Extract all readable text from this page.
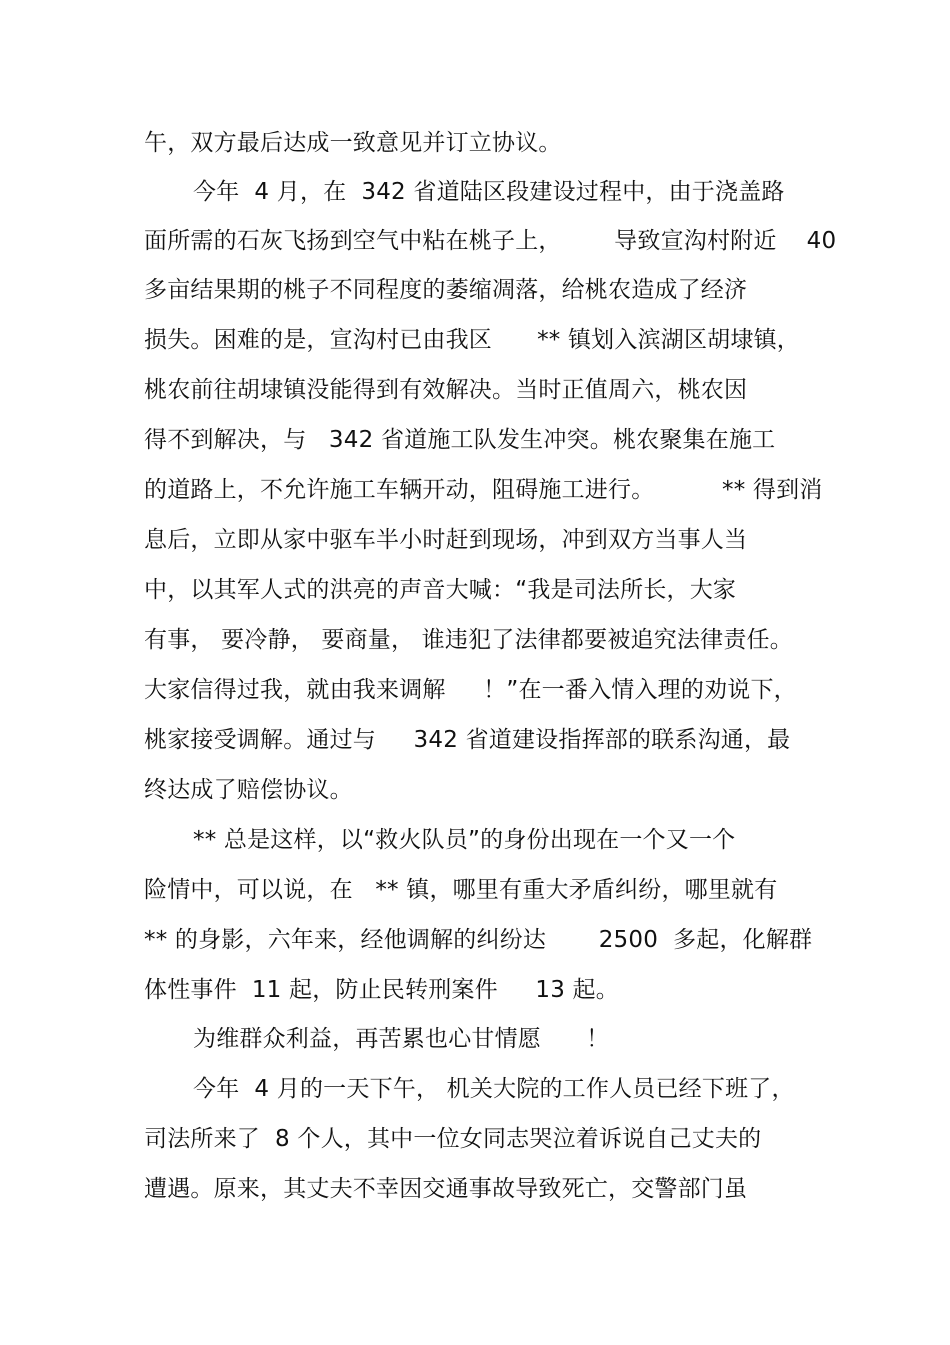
午，双方最后达成一致意见并订立协议。
今年  4 月，在  342 省道陆区段建设过程中，由于浇盖路
面所需的石灰飞扬到空气中粘在桃子上，       导致宣沟村附近    40
多亩结果期的桃子不同程度的萎缩凋落，给桃农造成了经济
损失。困难的是，宣沟村已由我区      ** 镇划入滨湖区胡埭镇，
桃农前往胡埭镇没能得到有效解决。当时正值周六，桃农因
得不到解决，与   342 省道施工队发生冲突。桃农聚集在施工
的道路上，不允许施工车辆开动，阻碍施工进行。         ** 得到消
息后，立即从家中驱车半小时赶到现场，冲到双方当事人当
中，以其军人式的洪亮的声音大喊：“我是司法所长，大家
有事， 要冷静， 要商量， 谁违犯了法律都要被追究法律责任。
大家信得过我，就由我来调解     ！”在一番入情入理的劝说下，
桃家接受调解。通过与     342 省道建设指挥部的联系沟通，最
终达成了赔偿协议。
** 总是这样，以“救火队员”的身份出现在一个又一个
险情中，可以说，在   ** 镇，哪里有重大矛盾纠纷，哪里就有
** 的身影，六年来，经他调解的纠纷达       2500  多起，化解群
体性事件  11 起，防止民转刑案件     13 起。
为维群众利益，再苦累也心甘情愿      ！
今年  4 月的一天下午， 机关大院的工作人员已经下班了，
司法所来了  8 个人，其中一位女同志哭泣着诉说自己丈夫的
遭遇。原来，其丈夫不幸因交通事故导致死亡，交警部门虽
